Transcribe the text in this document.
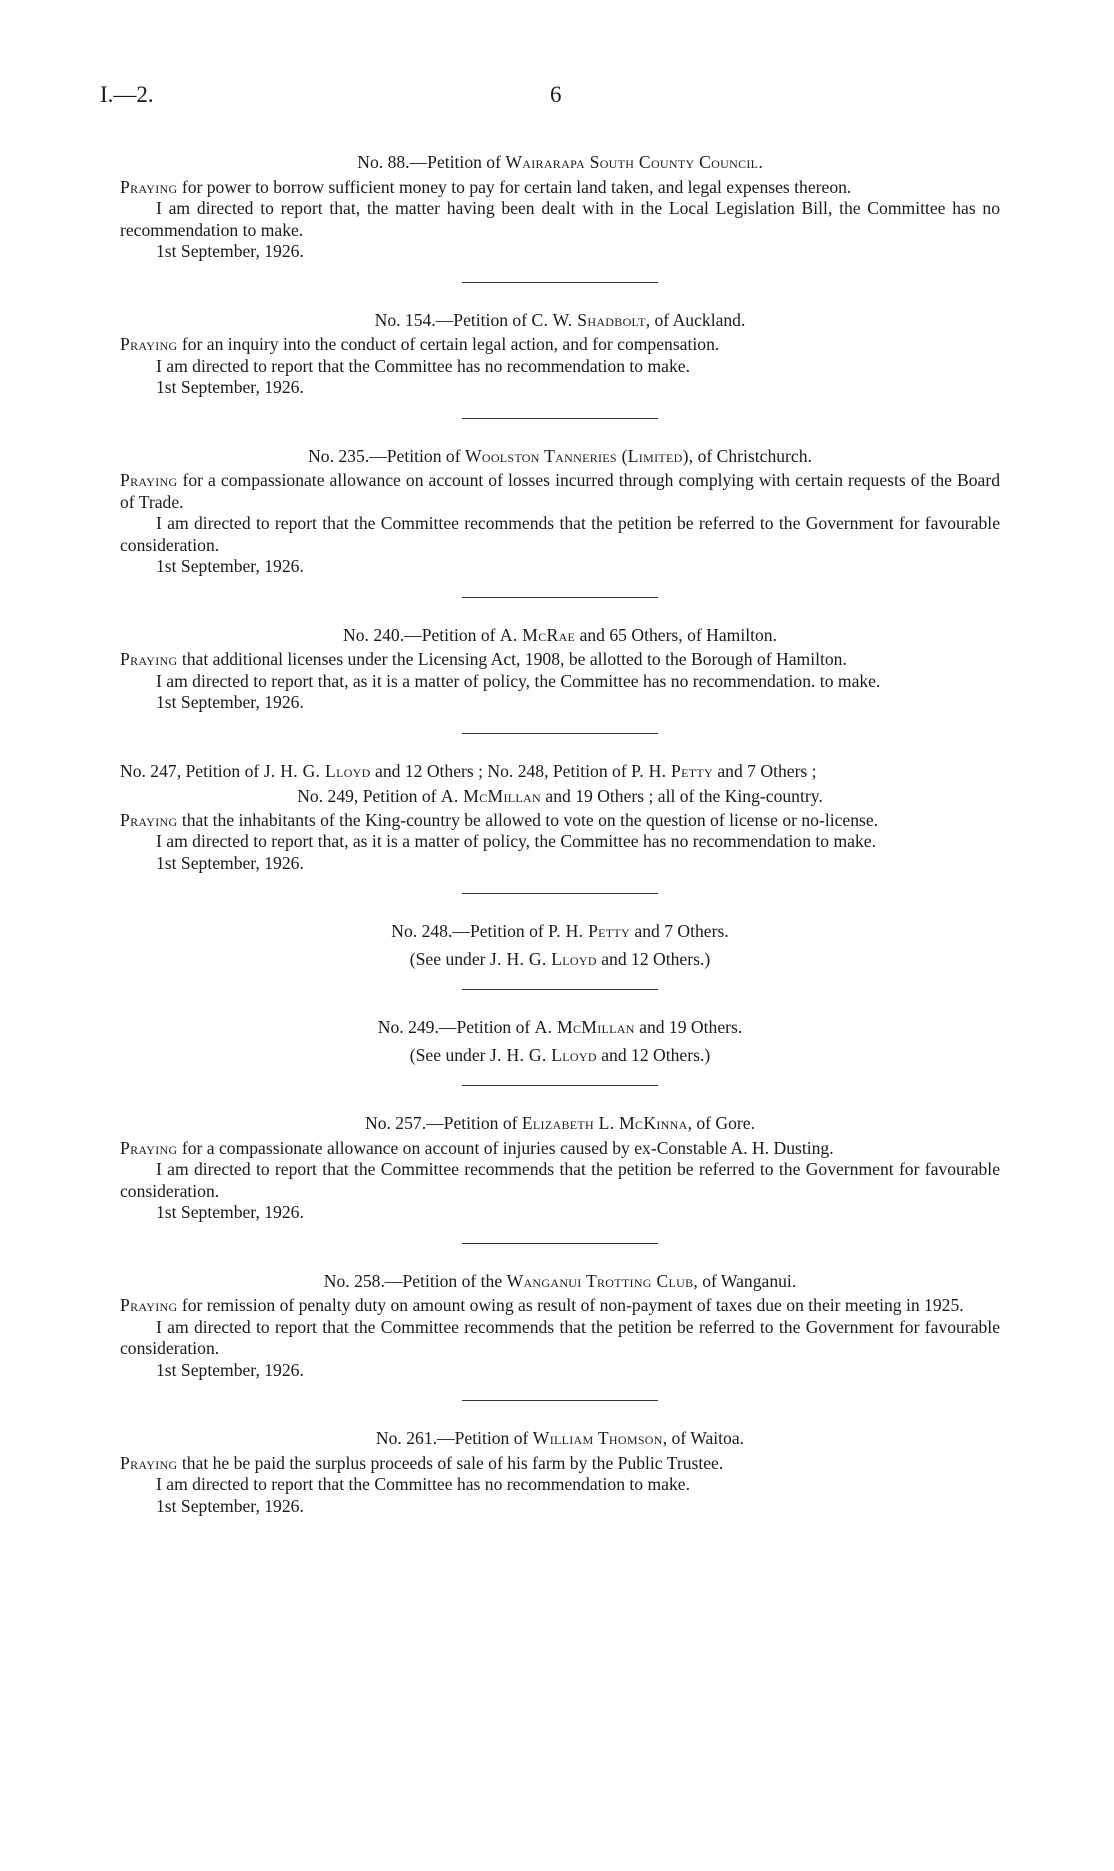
I.—2.	6

No. 88.—Petition of Wairarapa South County Council.

Praying for power to borrow sufficient money to pay for certain land taken, and legal expenses thereon.

I am directed to report that, the matter having been dealt with in the Local Legislation Bill, the Committee has no recommendation to make.

1st September, 1926.

No. 154.—Petition of C. W. Shadbolt, of Auckland.

Praying for an inquiry into the conduct of certain legal action, and for compensation.

I am directed to report that the Committee has no recommendation to make.

1st September, 1926.

No. 235.—Petition of Woolston Tanneries (Limited), of Christchurch.

Praying for a compassionate allowance on account of losses incurred through complying with certain requests of the Board of Trade.

I am directed to report that the Committee recommends that the petition be referred to the Government for favourable consideration.

1st September, 1926.

No. 240.—Petition of A. McRae and 65 Others, of Hamilton.

Praying that additional licenses under the Licensing Act, 1908, be allotted to the Borough of Hamilton.

I am directed to report that, as it is a matter of policy, the Committee has no recommendation. to make.

1st September, 1926.

No. 247, Petition of J. H. G. Lloyd and 12 Others ; No. 248, Petition of P. H. Petty and 7 Others ;

No. 249, Petition of A. McMillan and 19 Others ; all of the King-country.

Praying that the inhabitants of the King-country be allowed to vote on the question of license or no-license.

I am directed to report that, as it is a matter of policy, the Committee has no recommendation to make.

1st September, 1926.

No. 248.—Petition of P. H. Petty and 7 Others.

(See under J. H. G. Lloyd and 12 Others.)

No. 249.—Petition of A. McMillan and 19 Others.

(See under J. H. G. Lloyd and 12 Others.)

No. 257.—Petition of Elizabeth L. McKinna, of Gore.

Praying for a compassionate allowance on account of injuries caused by ex-Constable A. H. Dusting.

I am directed to report that the Committee recommends that the petition be referred to the Government for favourable consideration.

1st September, 1926.

No. 258.—Petition of the Wanganui Trotting Club, of Wanganui.

Praying for remission of penalty duty on amount owing as result of non-payment of taxes due on their meeting in 1925.

I am directed to report that the Committee recommends that the petition be referred to the Government for favourable consideration.

1st September, 1926.

No. 261.—Petition of William Thomson, of Waitoa.

Praying that he be paid the surplus proceeds of sale of his farm by the Public Trustee.

I am directed to report that the Committee has no recommendation to make.

1st September, 1926.
